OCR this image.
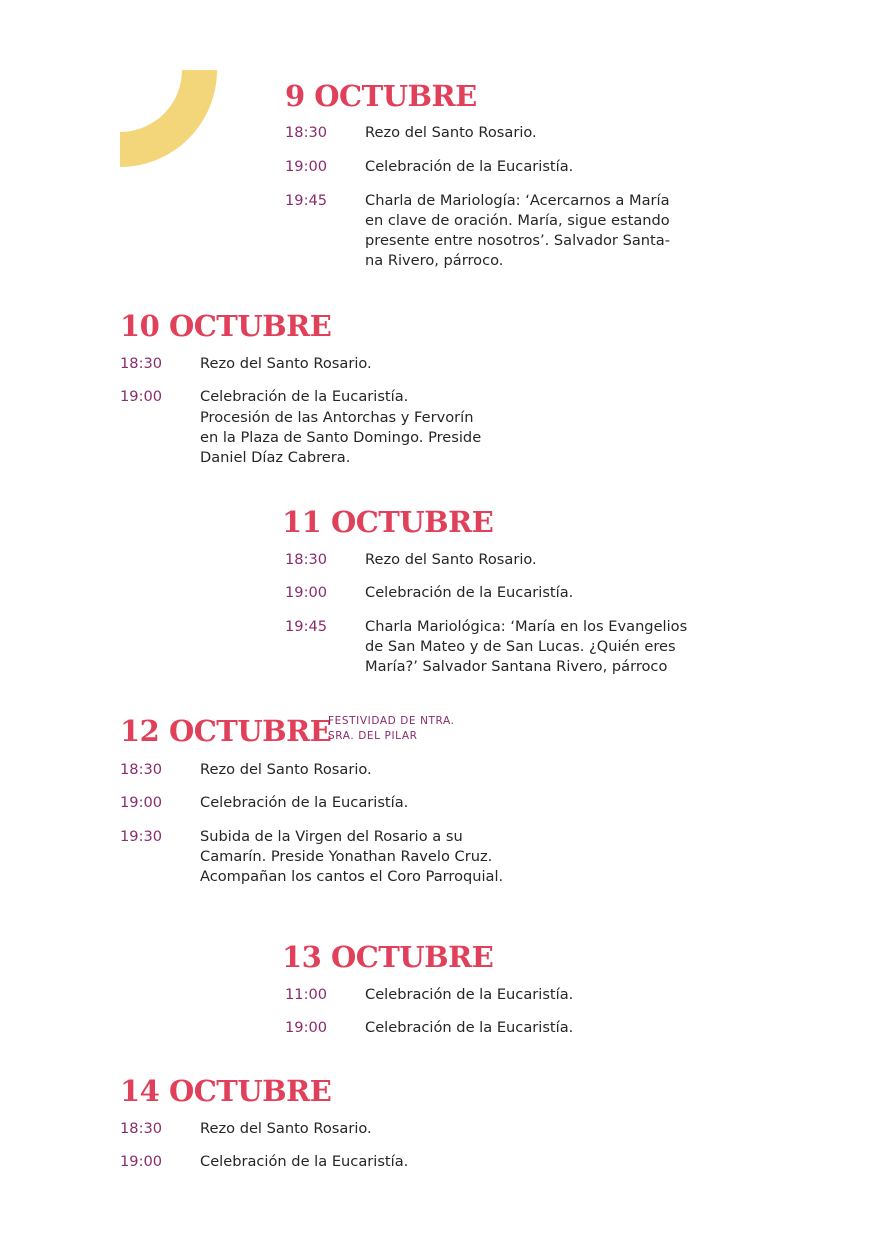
9 OCTUBRE
18:30	Rezo del Santo Rosario.
19:00	Celebración de la Eucaristía.
19:45	Charla de Mariología: ‘Acercarnos a María
en clave de oración. María, sigue estando
presente entre nosotros’. Salvador Santa-
na Rivero, párroco.
10 OCTUBRE
18:30	Rezo del Santo Rosario.
19:00	Celebración de la Eucaristía.
Procesión de las Antorchas y Fervorín
en la Plaza de Santo Domingo. Preside
Daniel Díaz Cabrera.
11 OCTUBRE
18:30	Rezo del Santo Rosario.
19:00	Celebración de la Eucaristía.
19:45	Charla Mariológica: ‘María en los Evangelios
de San Mateo y de San Lucas. ¿Quién eres
María?’ Salvador Santana Rivero, párroco
12 OCTUBRE
FESTIVIDAD DE NTRA.
SRA. DEL PILAR
18:30	Rezo del Santo Rosario.
19:00	Celebración de la Eucaristía.
19:30	Subida de la Virgen del Rosario a su
Camarín. Preside Yonathan Ravelo Cruz.
Acompañan los cantos el Coro Parroquial.
13 OCTUBRE
11:00	Celebración de la Eucaristía.
19:00	Celebración de la Eucaristía.
14 OCTUBRE
18:30	Rezo del Santo Rosario.
19:00	Celebración de la Eucaristía.
